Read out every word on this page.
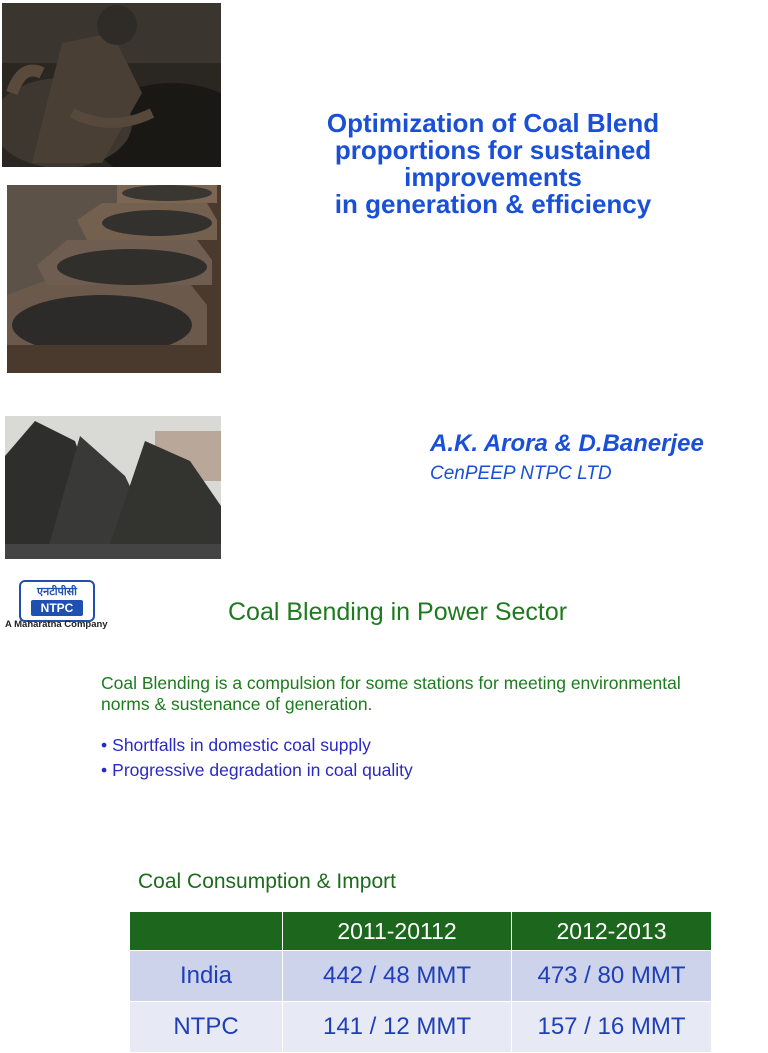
Optimization of Coal Blend
proportions for sustained
improvements
in generation & efficiency
A.K. Arora & D.Banerjee
CenPEEP NTPC LTD
एनटीपीसी
NTPC
A Maharatna Company	Coal Blending in Power Sector
Coal Blending is a compulsion for some stations for meeting environmental norms & sustenance of generation.
• Shortfalls in domestic coal supply
• Progressive degradation in coal quality
Coal Consumption & Import
	2011-20112	2012-2013
India	442 / 48 MMT	473 / 80 MMT
NTPC	141 / 12 MMT	157 / 16 MMT
